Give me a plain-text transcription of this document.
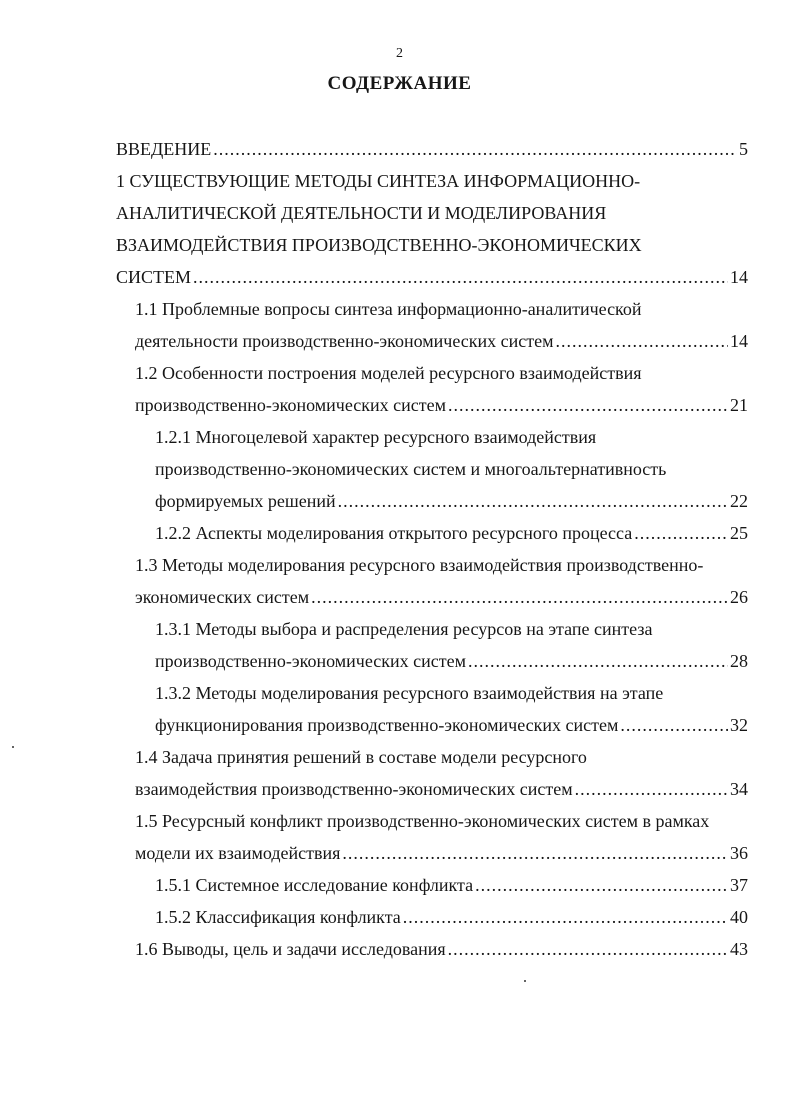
2
СОДЕРЖАНИЕ
ВВЕДЕНИЕ .....	5
1 СУЩЕСТВУЮЩИЕ МЕТОДЫ СИНТЕЗА ИНФОРМАЦИОННО-
АНАЛИТИЧЕСКОЙ ДЕЯТЕЛЬНОСТИ И МОДЕЛИРОВАНИЯ
ВЗАИМОДЕЙСТВИЯ ПРОИЗВОДСТВЕННО-ЭКОНОМИЧЕСКИХ
СИСТЕМ .....	14
1.1 Проблемные вопросы синтеза информационно-аналитической
деятельности производственно-экономических систем .....	14
1.2 Особенности построения моделей ресурсного взаимодействия
производственно-экономических систем .....	21
1.2.1 Многоцелевой характер ресурсного взаимодействия
производственно-экономических систем и многоальтернативность
формируемых решений .....	22
1.2.2 Аспекты моделирования открытого ресурсного процесса .....	25
1.3 Методы моделирования ресурсного взаимодействия производственно-
экономических систем .....	26
1.3.1 Методы выбора и распределения ресурсов на этапе синтеза
производственно-экономических систем .....	28
1.3.2 Методы моделирования ресурсного взаимодействия на этапе
функционирования производственно-экономических систем .....	32
1.4 Задача принятия решений в составе модели ресурсного
взаимодействия производственно-экономических систем .....	34
1.5 Ресурсный конфликт производственно-экономических систем в рамках
модели их взаимодействия .....	36
1.5.1 Системное исследование конфликта .....	37
1.5.2 Классификация конфликта .....	40
1.6 Выводы, цель и задачи исследования .....	43
